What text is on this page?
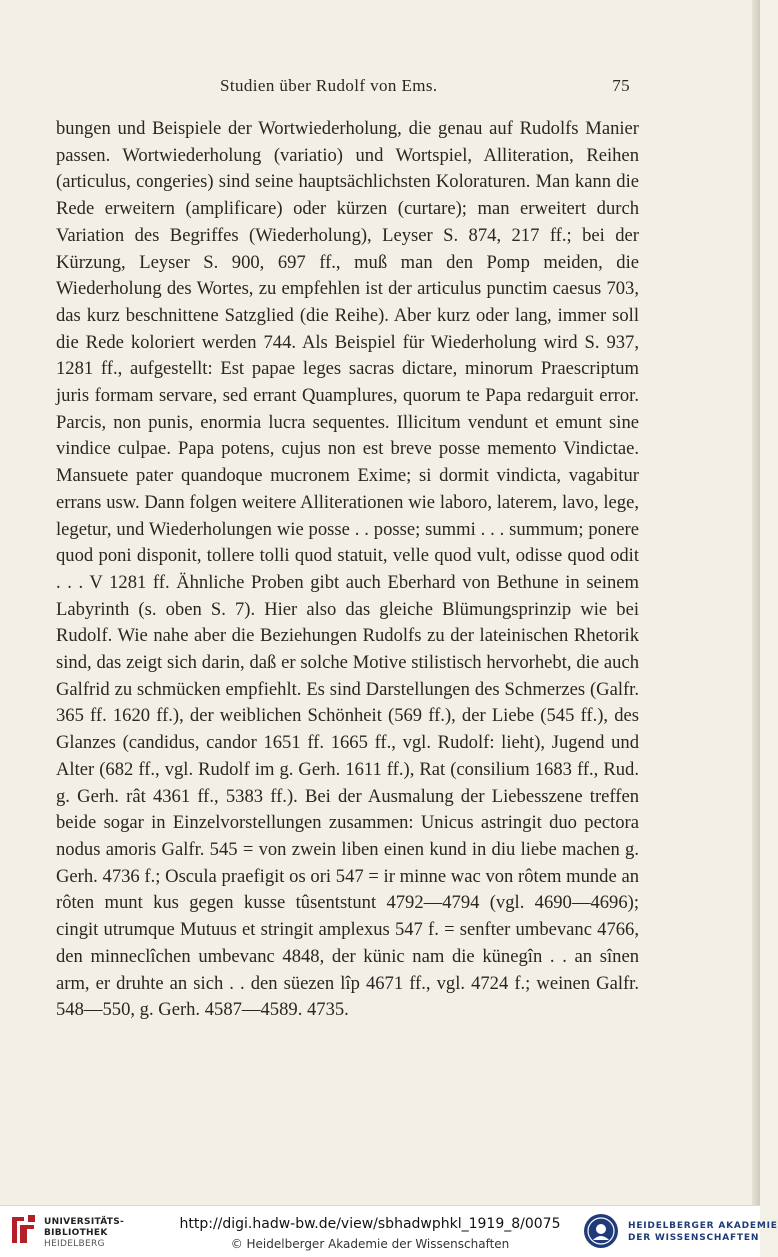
Studien über Rudolf von Ems.	75

bungen und Beispiele der Wortwiederholung, die genau auf Rudolfs Manier passen. Wortwiederholung (variatio) und Wortspiel, Alliteration, Reihen (articulus, congeries) sind seine hauptsächlichsten Koloraturen. Man kann die Rede erweitern (amplificare) oder kürzen (curtare); man erweitert durch Variation des Begriffes (Wiederholung), Leyser S. 874, 217 ff.; bei der Kürzung, Leyser S. 900, 697 ff., muß man den Pomp meiden, die Wiederholung des Wortes, zu empfehlen ist der articulus punctim caesus 703, das kurz beschnittene Satzglied (die Reihe). Aber kurz oder lang, immer soll die Rede koloriert werden 744. Als Beispiel für Wiederholung wird S. 937, 1281 ff., aufgestellt: Est papae leges sacras dictare, minorum Praescriptum juris formam servare, sed errant Quamplures, quorum te Papa redarguit error. Parcis, non punis, enormia lucra sequentes. Illicitum vendunt et emunt sine vindice culpae. Papa potens, cujus non est breve posse memento Vindictae. Mansuete pater quandoque mucronem Exime; si dormit vindicta, vagabitur errans usw. Dann folgen weitere Alliterationen wie laboro, laterem, lavo, lege, legetur, und Wiederholungen wie posse . . posse; summi . . . summum; ponere quod poni disponit, tollere tolli quod statuit, velle quod vult, odisse quod odit . . . V 1281 ff. Ähnliche Proben gibt auch Eberhard von Bethune in seinem Labyrinth (s. oben S. 7). Hier also das gleiche Blümungsprinzip wie bei Rudolf. Wie nahe aber die Beziehungen Rudolfs zu der lateinischen Rhetorik sind, das zeigt sich darin, daß er solche Motive stilistisch hervorhebt, die auch Galfrid zu schmücken empfiehlt. Es sind Darstellungen des Schmerzes (Galfr. 365 ff. 1620 ff.), der weiblichen Schönheit (569 ff.), der Liebe (545 ff.), des Glanzes (candidus, candor 1651 ff. 1665 ff., vgl. Rudolf: lieht), Jugend und Alter (682 ff., vgl. Rudolf im g. Gerh. 1611 ff.), Rat (consilium 1683 ff., Rud. g. Gerh. rât 4361 ff., 5383 ff.). Bei der Ausmalung der Liebesszene treffen beide sogar in Einzelvorstellungen zusammen: Unicus astringit duo pectora nodus amoris Galfr. 545 = von zwein liben einen kund in diu liebe machen g. Gerh. 4736 f.; Oscula praefigit os ori 547 = ir minne wac von rôtem munde an rôten munt kus gegen kusse tûsentstunt 4792—4794 (vgl. 4690—4696); cingit utrumque Mutuus et stringit amplexus 547 f. = senfter umbevanc 4766, den minneclîchen umbevanc 4848, der künic nam die künegîn . . an sînen arm, er druhte an sich . . den süezen lîp 4671 ff., vgl. 4724 f.; weinen Galfr. 548—550, g. Gerh. 4587—4589. 4735.

UNIVERSITÄTS-
BIBLIOTHEK
HEIDELBERG
http://digi.hadw-bw.de/view/sbhadwphkl_1919_8/0075
© Heidelberger Akademie der Wissenschaften
HEIDELBERGER AKADEMIE
DER WISSENSCHAFTEN
